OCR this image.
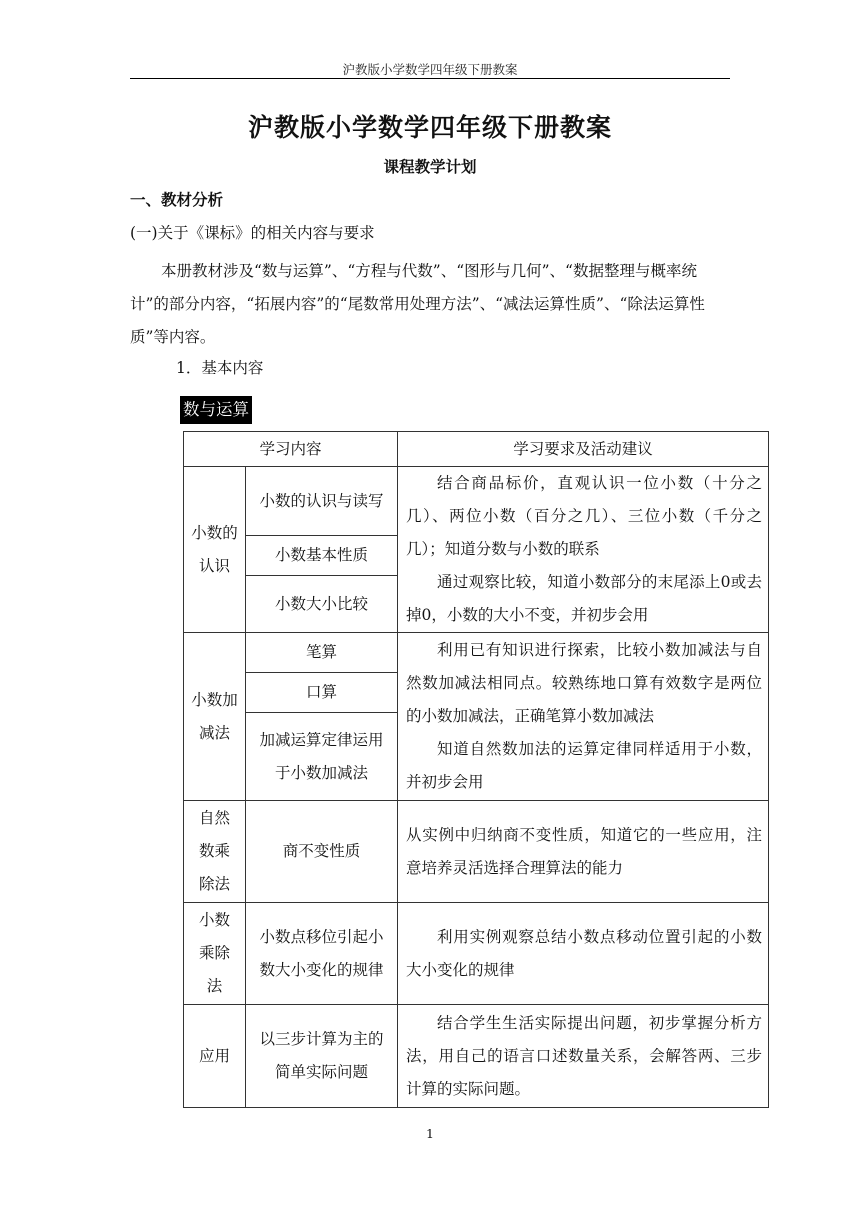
沪教版小学数学四年级下册教案
沪教版小学数学四年级下册教案
课程教学计划
一、教材分析
(一)关于《课标》的相关内容与要求
本册教材涉及“数与运算”、“方程与代数”、“图形与几何”、“数据整理与概率统计”的部分内容，“拓展内容”的“尾数常用处理方法”、“减法运算性质”、“除法运算性质”等内容。
1．基本内容
数与运算
学习内容		学习要求及活动建议
小数的认识	小数的认识与读写	结合商品标价，直观认识一位小数（十分之几）、两位小数（百分之几）、三位小数（千分之几）；知道分数与小数的联系
通过观察比较，知道小数部分的末尾添上0或去掉0，小数的大小不变，并初步会用

	小数基本性质	
	小数大小比较	
小数加减法	笔算	利用已有知识进行探索，比较小数加减法与自然数加减法相同点。较熟练地口算有效数字是两位的小数加减法，正确笔算小数加减法
知道自然数加法的运算定律同样适用于小数，并初步会用

	口算	
	加减运算定律运用于小数加减法	
自然数乘除法	商不变性质	从实例中归纳商不变性质，知道它的一些应用，注意培养灵活选择合理算法的能力
小数乘除法	小数点移位引起小数大小变化的规律	利用实例观察总结小数点移动位置引起的小数大小变化的规律
应用	以三步计算为主的简单实际问题	结合学生生活实际提出问题，初步掌握分析方法，用自己的语言口述数量关系，会解答两、三步计算的实际问题。
1
